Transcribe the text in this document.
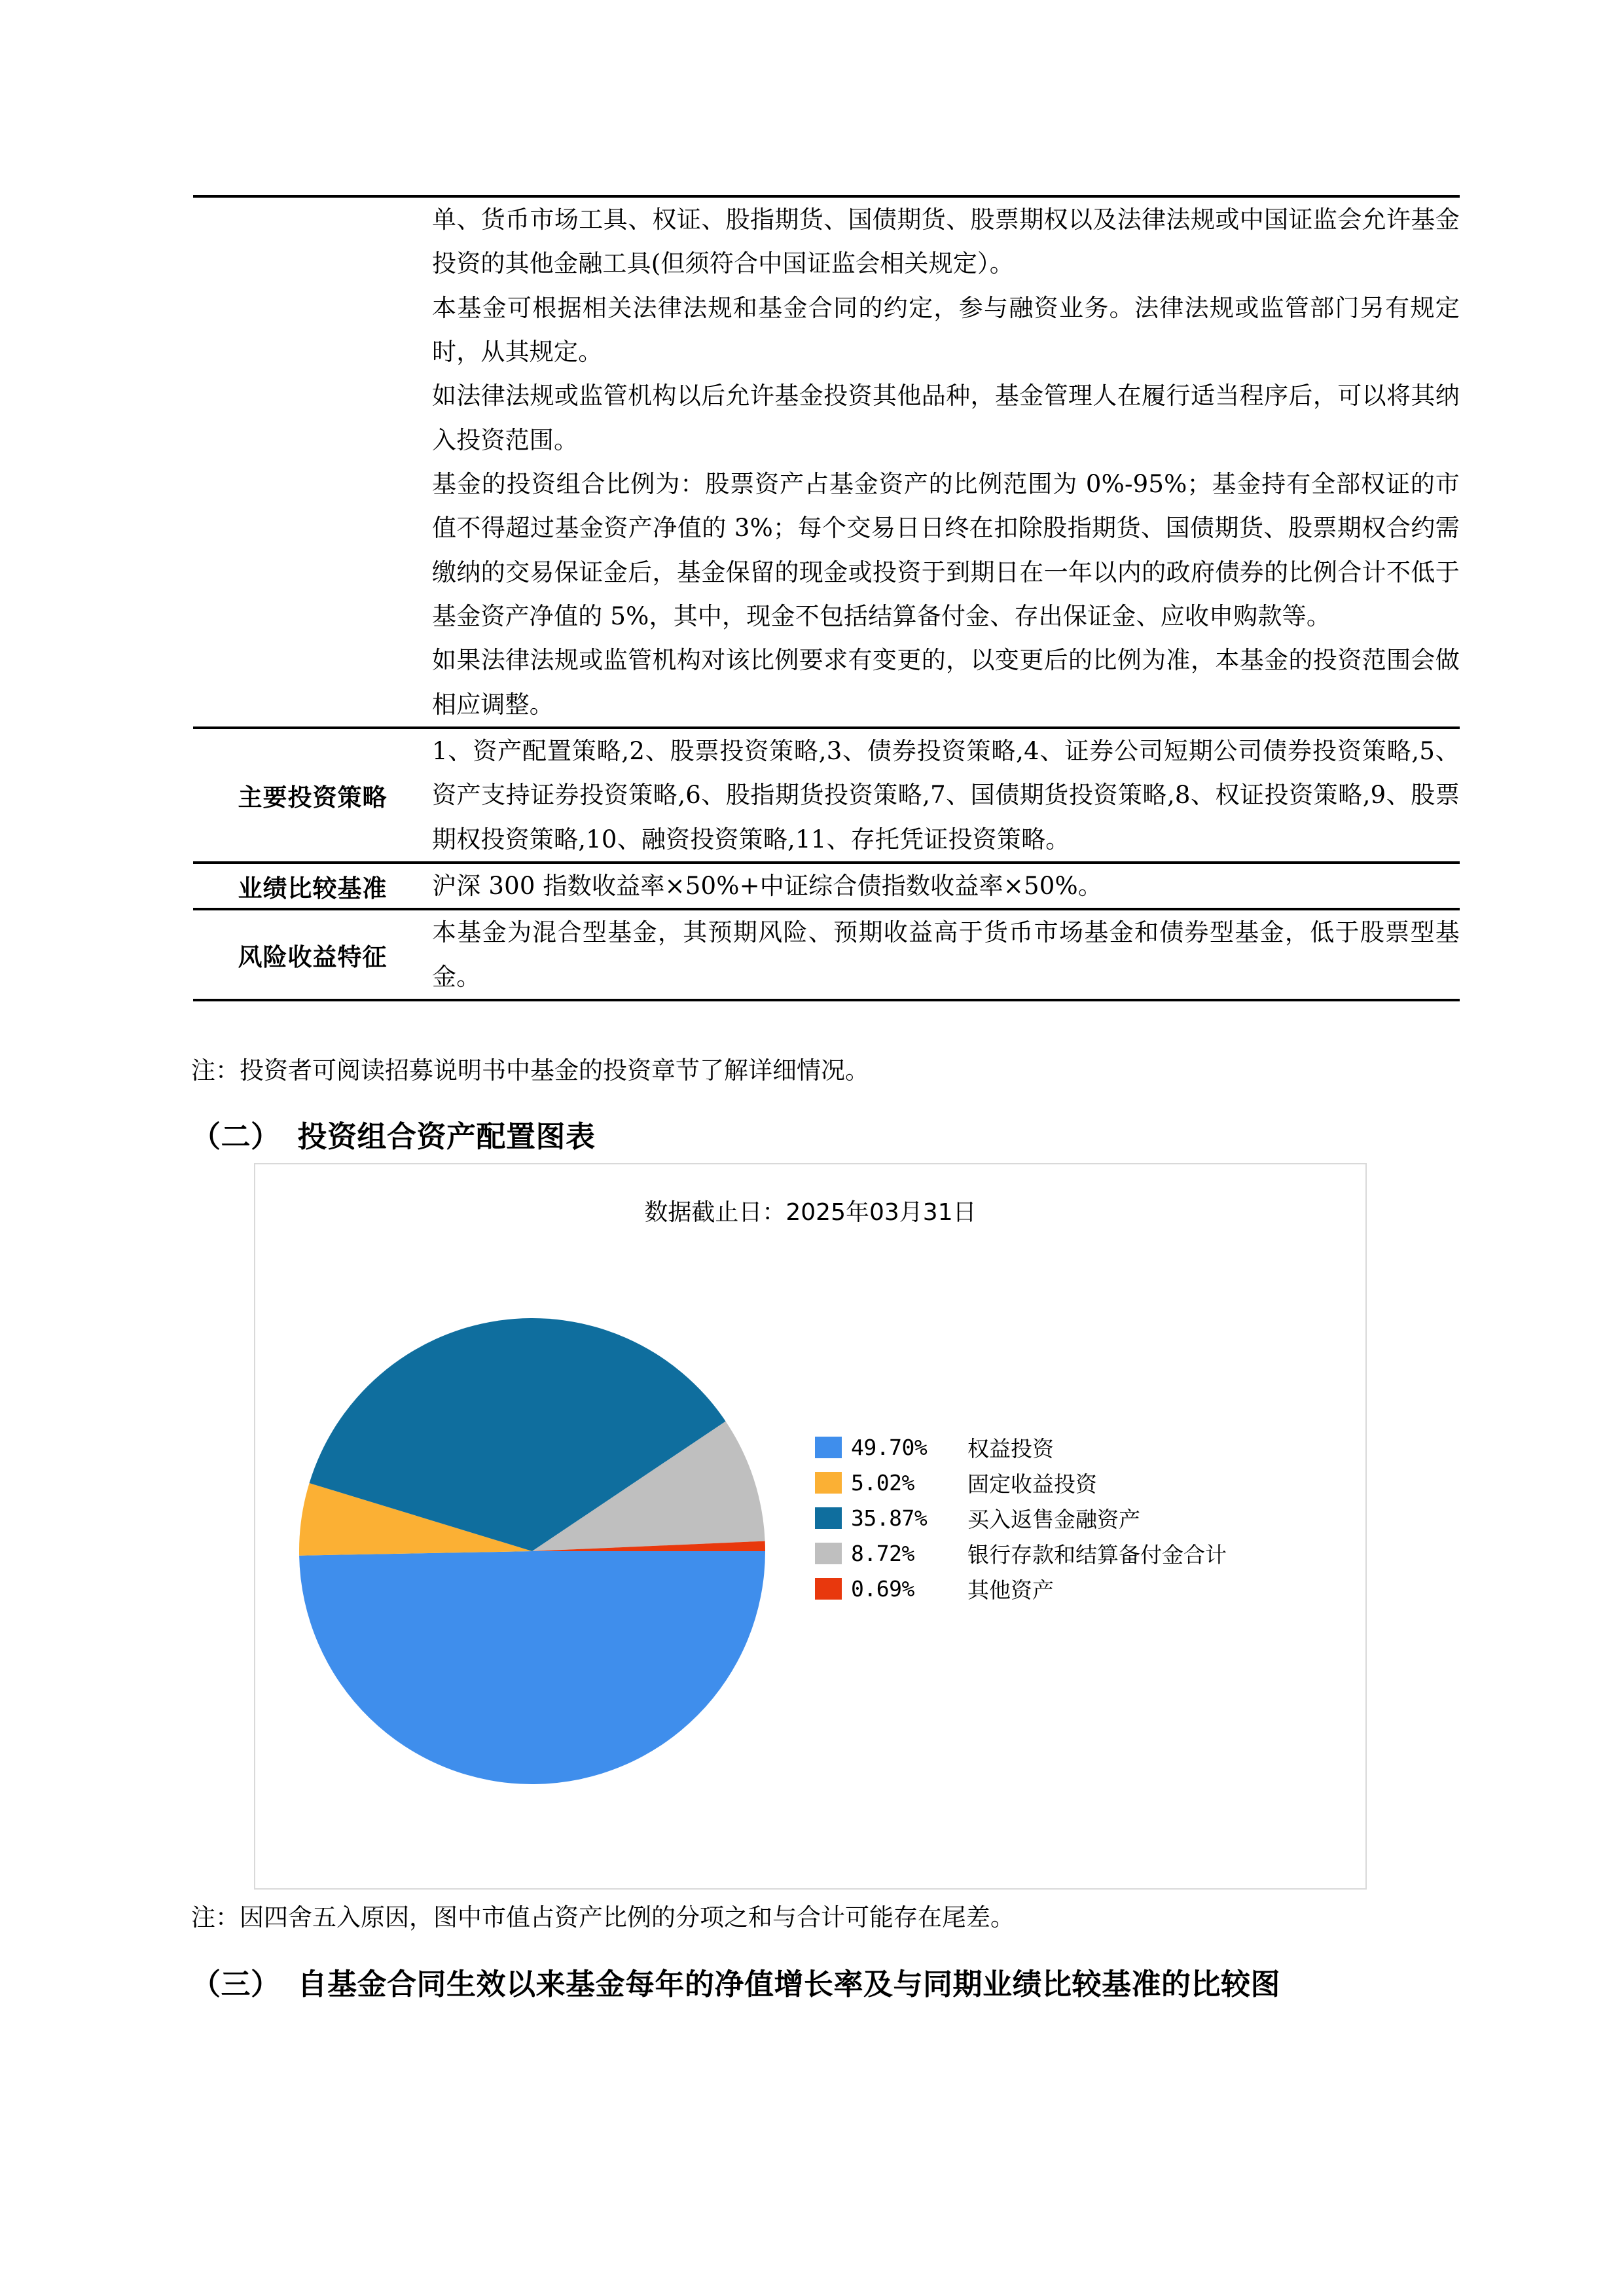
	单、货币市场工具、权证、股指期货、国债期货、股票期权以及法律法规或中国证监会允许基金投资的其他金融工具(但须符合中国证监会相关规定）。

本基金可根据相关法律法规和基金合同的约定，参与融资业务。法律法规或监管部门另有规定时，从其规定。

如法律法规或监管机构以后允许基金投资其他品种，基金管理人在履行适当程序后，可以将其纳入投资范围。

基金的投资组合比例为：股票资产占基金资产的比例范围为 0%-95%；基金持有全部权证的市值不得超过基金资产净值的 3%；每个交易日日终在扣除股指期货、国债期货、股票期权合约需缴纳的交易保证金后，基金保留的现金或投资于到期日在一年以内的政府债券的比例合计不低于基金资产净值的 5%，其中，现金不包括结算备付金、存出保证金、应收申购款等。

如果法律法规或监管机构对该比例要求有变更的，以变更后的比例为准，本基金的投资范围会做相应调整。

主要投资策略	1、资产配置策略,2、股票投资策略,3、债券投资策略,4、证券公司短期公司债券投资策略,5、资产支持证券投资策略,6、股指期货投资策略,7、国债期货投资策略,8、权证投资策略,9、股票期权投资策略,10、融资投资策略,11、存托凭证投资策略。

业绩比较基准	沪深 300 指数收益率×50%+中证综合债指数收益率×50%。

风险收益特征	本基金为混合型基金，其预期风险、预期收益高于货币市场基金和债券型基金，低于股票型基金。

注：投资者可阅读招募说明书中基金的投资章节了解详细情况。
（二） 投资组合资产配置图表
数据截止日：2025年03月31日
49.70%	权益投资
5.02%	固定收益投资
35.87%	买入返售金融资产
8.72%	银行存款和结算备付金合计
0.69%	其他资产
注：因四舍五入原因，图中市值占资产比例的分项之和与合计可能存在尾差。
（三） 自基金合同生效以来基金每年的净值增长率及与同期业绩比较基准的比较图
